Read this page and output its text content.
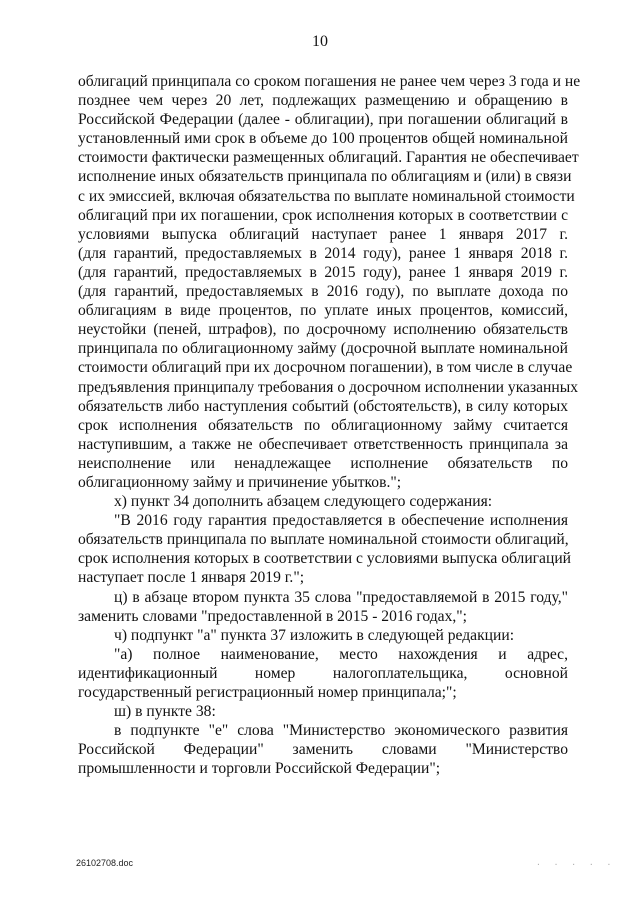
10
облигаций принципала со сроком погашения не ранее чем через 3 года и не
позднее чем через 20 лет, подлежащих размещению и обращению в
Российской Федерации (далее - облигации), при погашении облигаций в
установленный ими срок в объеме до 100 процентов общей номинальной
стоимости фактически размещенных облигаций. Гарантия не обеспечивает
исполнение иных обязательств принципала по облигациям и (или) в связи
с их эмиссией, включая обязательства по выплате номинальной стоимости
облигаций при их погашении, срок исполнения которых в соответствии с
условиями выпуска облигаций наступает ранее 1 января 2017 г.
(для гарантий, предоставляемых в 2014 году), ранее 1 января 2018 г.
(для гарантий, предоставляемых в 2015 году), ранее 1 января 2019 г.
(для гарантий, предоставляемых в 2016 году), по выплате дохода по
облигациям в виде процентов, по уплате иных процентов, комиссий,
неустойки (пеней, штрафов), по досрочному исполнению обязательств
принципала по облигационному займу (досрочной выплате номинальной
стоимости облигаций при их досрочном погашении), в том числе в случае
предъявления принципалу требования о досрочном исполнении указанных
обязательств либо наступления событий (обстоятельств), в силу которых
срок исполнения обязательств по облигационному займу считается
наступившим, а также не обеспечивает ответственность принципала за
неисполнение или ненадлежащее исполнение обязательств по
облигационному займу и причинение убытков.";
х) пункт 34 дополнить абзацем следующего содержания:
"В 2016 году гарантия предоставляется в обеспечение исполнения
обязательств принципала по выплате номинальной стоимости облигаций,
срок исполнения которых в соответствии с условиями выпуска облигаций
наступает после 1 января 2019 г.";
ц) в абзаце втором пункта 35 слова "предоставляемой в 2015 году,"
заменить словами "предоставленной в 2015 - 2016 годах,";
ч) подпункт "а" пункта 37 изложить в следующей редакции:
"а) полное наименование, место нахождения и адрес,
идентификационный номер налогоплательщика, основной
государственный регистрационный номер принципала;";
ш) в пункте 38:
в подпункте "е" слова "Министерство экономического развития
Российской Федерации" заменить словами "Министерство
промышленности и торговли Российской Федерации";
26102708.doc	. . . . .
